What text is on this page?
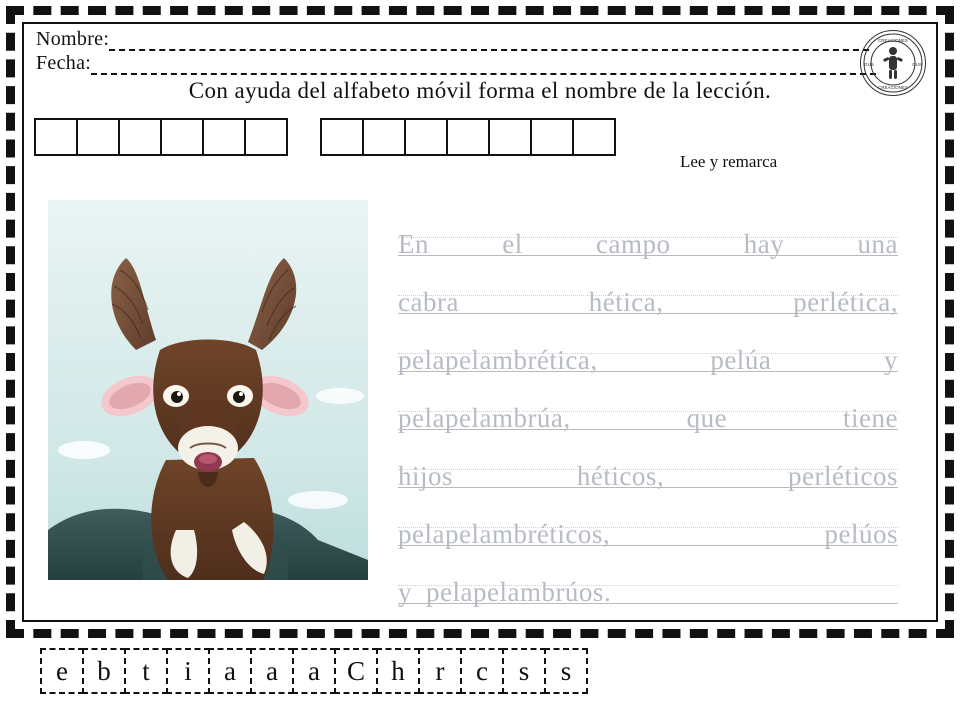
Nombre:
Fecha:
CREACIONES
CREACIONES
GUS	GUS
Con ayuda del alfabeto móvil forma el nombre de la lección.
Lee y remarca
En	el	campo	hay	una
cabra	hética,	perlética,
pelapelambrética,	pelúa	y
pelapelambrúa,	que	tiene
hijos	héticos,	perléticos
pelapelambréticos,	pelúos
y pelapelambrúos.
e	b	t	i	a	a	a	C h	r	c	s	s
